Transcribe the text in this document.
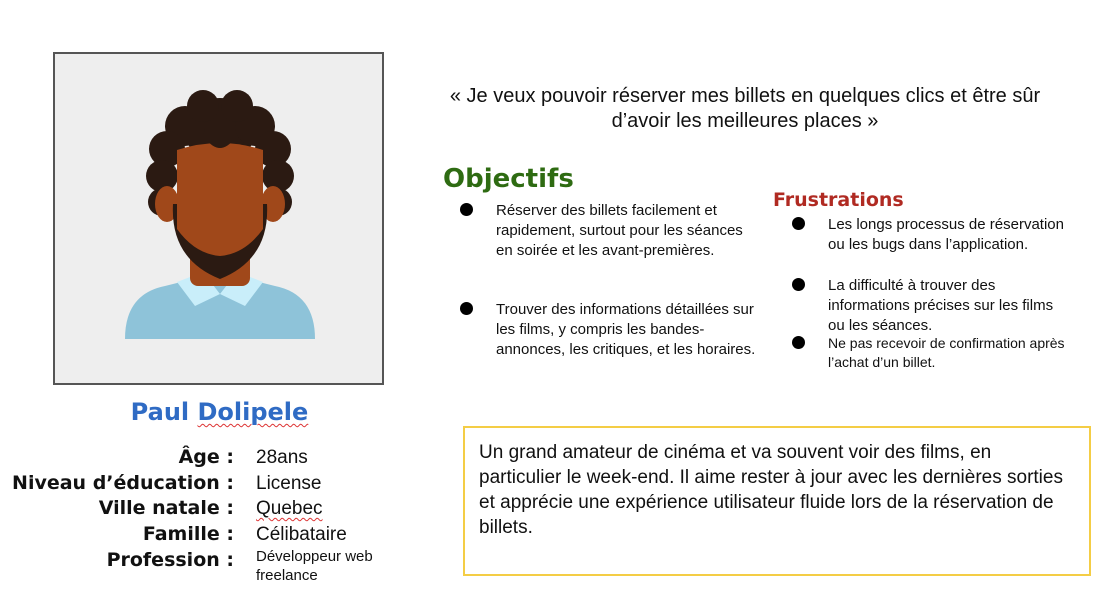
Paul Dolipele
Âge : 28ans
Niveau d’éducation : License
Ville natale : Quebec
Famille : Célibataire
Profession : Développeur web freelance
« Je veux pouvoir réserver mes billets en quelques clics et être sûr d’avoir les meilleures places »
Objectifs
Réserver des billets facilement et rapidement, surtout pour les séances en soirée et les avant-premières.
Trouver des informations détaillées sur les films, y compris les bandes-annonces, les critiques, et les horaires.
Frustrations
Les longs processus de réservation ou les bugs dans l’application.
La difficulté à trouver des informations précises sur les films ou les séances.
Ne pas recevoir de confirmation après l’achat d’un billet.
Un grand amateur de cinéma et va souvent voir des films, en particulier le week-end. Il aime rester à jour avec les dernières sorties et apprécie une expérience utilisateur fluide lors de la réservation de billets.
